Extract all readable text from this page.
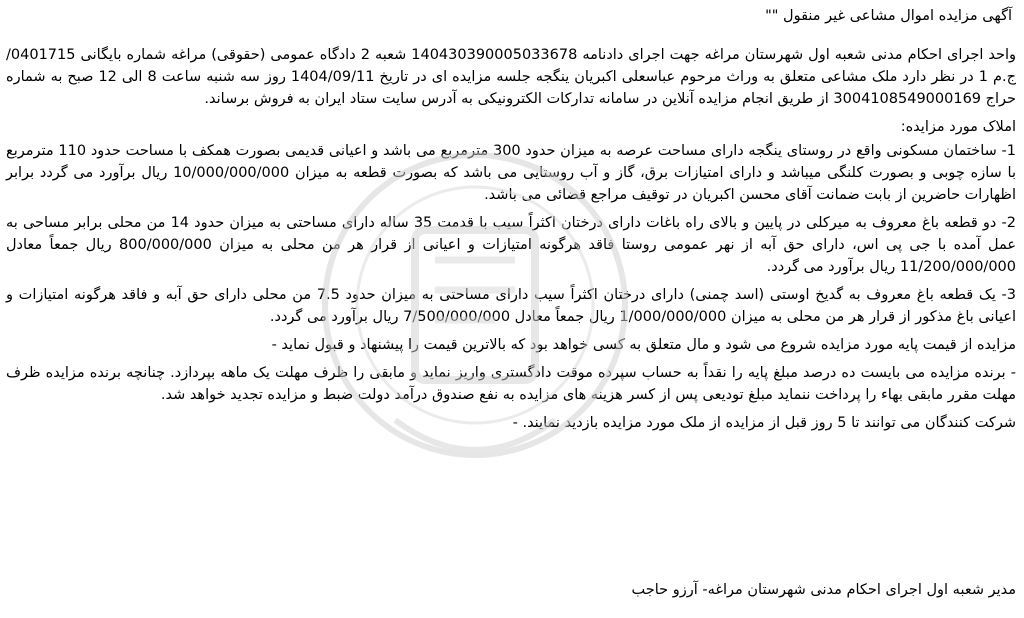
آگهی مزایده اموال مشاعی غیر منقول ""

واحد اجرای احکام مدنی شعبه اول شهرستان مراغه جهت اجرای دادنامه 140430390005033678 شعبه 2 دادگاه عمومی (حقوقی) مراغه شماره بایگانی 0401715/ج.م 1 در نظر دارد ملک مشاعی متعلق به وراث مرحوم عباسعلی اکبریان ینگجه جلسه مزایده ای در تاریخ 1404/09/11 روز سه شنبه ساعت 8 الی 12 صبح به شماره حراج 3004108549000169 از طریق انجام مزایده آنلاین در سامانه تدارکات الکترونیکی به آدرس سایت ستاد ایران به فروش برساند.

املاک مورد مزایده:

1- ساختمان مسکونی واقع در روستای ینگجه دارای مساحت عرصه به میزان حدود 300 مترمربع می باشد و اعیانی قدیمی بصورت همکف با مساحت حدود 110 مترمربع با سازه چوبی و بصورت کلنگی میباشد و دارای امتیازات برق، گاز و آب روستایی می باشد که بصورت قطعه به میزان 10/000/000/000 ریال برآورد می گردد برابر اظهارات حاضرین از بابت ضمانت آقای محسن اکبریان در توقیف مراجع قضائی می باشد.

2- دو قطعه باغ معروف به میرکلی در پایین و بالای راه باغات دارای درختان اکثراً سیب با قدمت 35 ساله دارای مساحتی به میزان حدود 14 من محلی برابر مساحی به عمل آمده با جی پی اس، دارای حق آبه از نهر عمومی روستا فاقد هرگونه امتیازات و اعیانی از قرار هر من محلی به میزان 800/000/000 ریال جمعاً معادل 11/200/000/000 ریال برآورد می گردد.

3- یک قطعه باغ معروف به گدیخ اوستی (اسد چمنی) دارای درختان اکثراً سیب دارای مساحتی به میزان حدود 7.5 من محلی دارای حق آبه و فاقد هرگونه امتیازات و اعیانی باغ مذکور از قرار هر من محلی به میزان 1/000/000/000 ریال جمعاً معادل 7/500/000/000 ریال برآورد می گردد.

مزایده از قیمت پایه مورد مزایده شروع می شود و مال متعلق به کسی خواهد بود که بالاترین قیمت را پیشنهاد و قبول نماید -

- برنده مزایده می بایست ده درصد مبلغ پایه را نقداً به حساب سپرده موقت دادگستری واریز نماید و مابقی را ظرف مهلت یک ماهه بپردازد. چنانچه برنده مزایده ظرف مهلت مقرر مابقی بهاء را پرداخت ننماید مبلغ تودیعی پس از کسر هزینه های مزایده به نفع صندوق درآمد دولت ضبط و مزایده تجدید خواهد شد.

شرکت کنندگان می توانند تا 5 روز قبل از مزایده از ملک مورد مزایده بازدید نمایند. -

مدیر شعبه اول اجرای احکام مدنی شهرستان مراغه- آرزو حاجب
